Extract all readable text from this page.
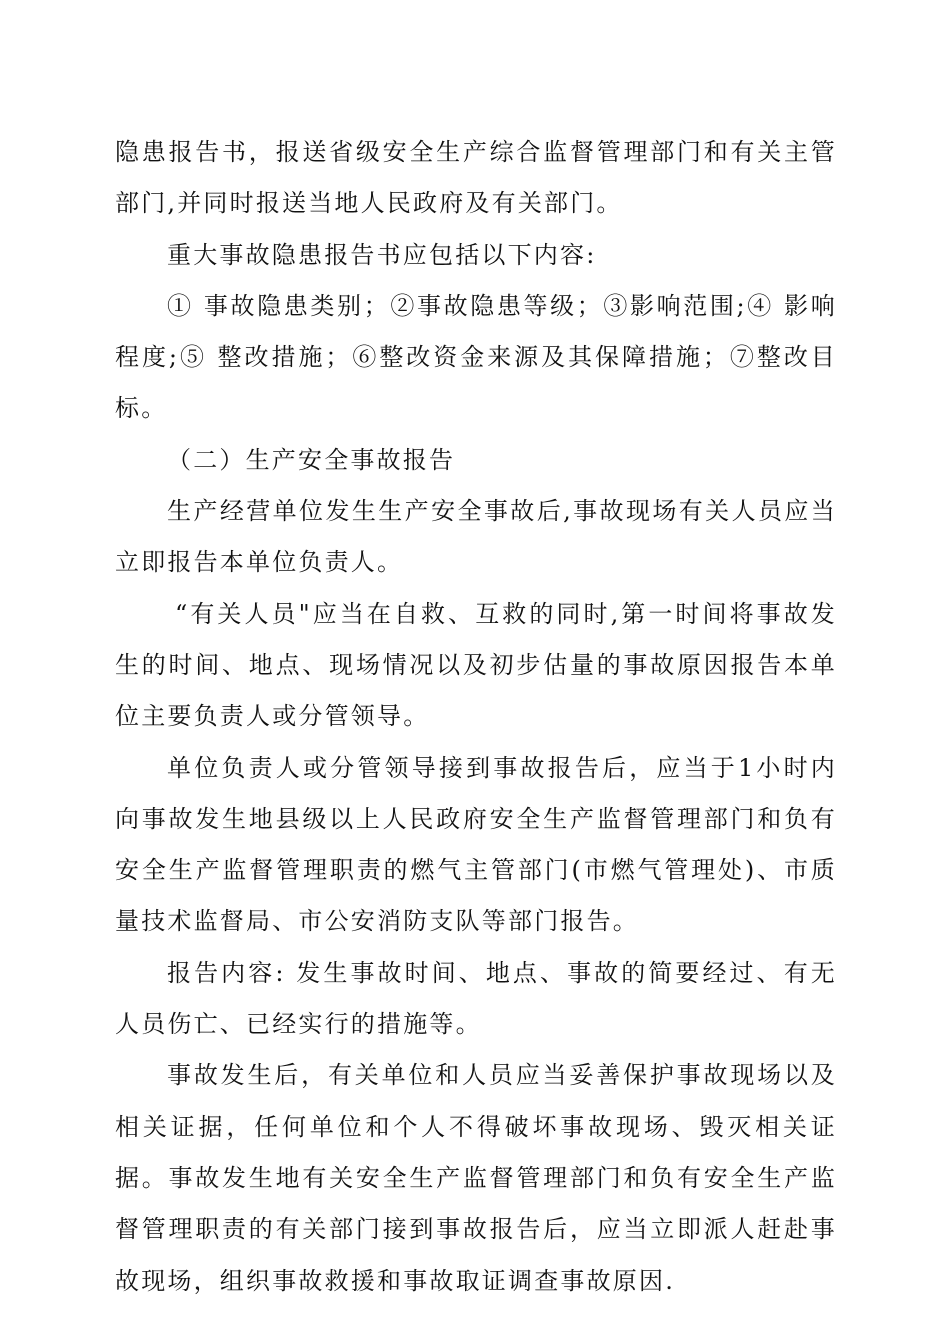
隐患报告书，报送省级安全生产综合监督管理部门和有关主管部门,并同时报送当地人民政府及有关部门。

重大事故隐患报告书应包括以下内容:

① 事故隐患类别；②事故隐患等级；③影响范围;④ 影响程度;⑤ 整改措施；⑥整改资金来源及其保障措施；⑦整改目标。

（二）生产安全事故报告

生产经营单位发生生产安全事故后,事故现场有关人员应当立即报告本单位负责人。

“有关人员"应当在自救、互救的同时,第一时间将事故发生的时间、地点、现场情况以及初步估量的事故原因报告本单位主要负责人或分管领导。

单位负责人或分管领导接到事故报告后，应当于1小时内向事故发生地县级以上人民政府安全生产监督管理部门和负有安全生产监督管理职责的燃气主管部门(市燃气管理处)、市质量技术监督局、市公安消防支队等部门报告。

报告内容: 发生事故时间、地点、事故的简要经过、有无人员伤亡、已经实行的措施等。

事故发生后，有关单位和人员应当妥善保护事故现场以及相关证据，任何单位和个人不得破坏事故现场、毁灭相关证据。事故发生地有关安全生产监督管理部门和负有安全生产监督管理职责的有关部门接到事故报告后，应当立即派人赶赴事故现场，组织事故救援和事故取证调查事故原因.
